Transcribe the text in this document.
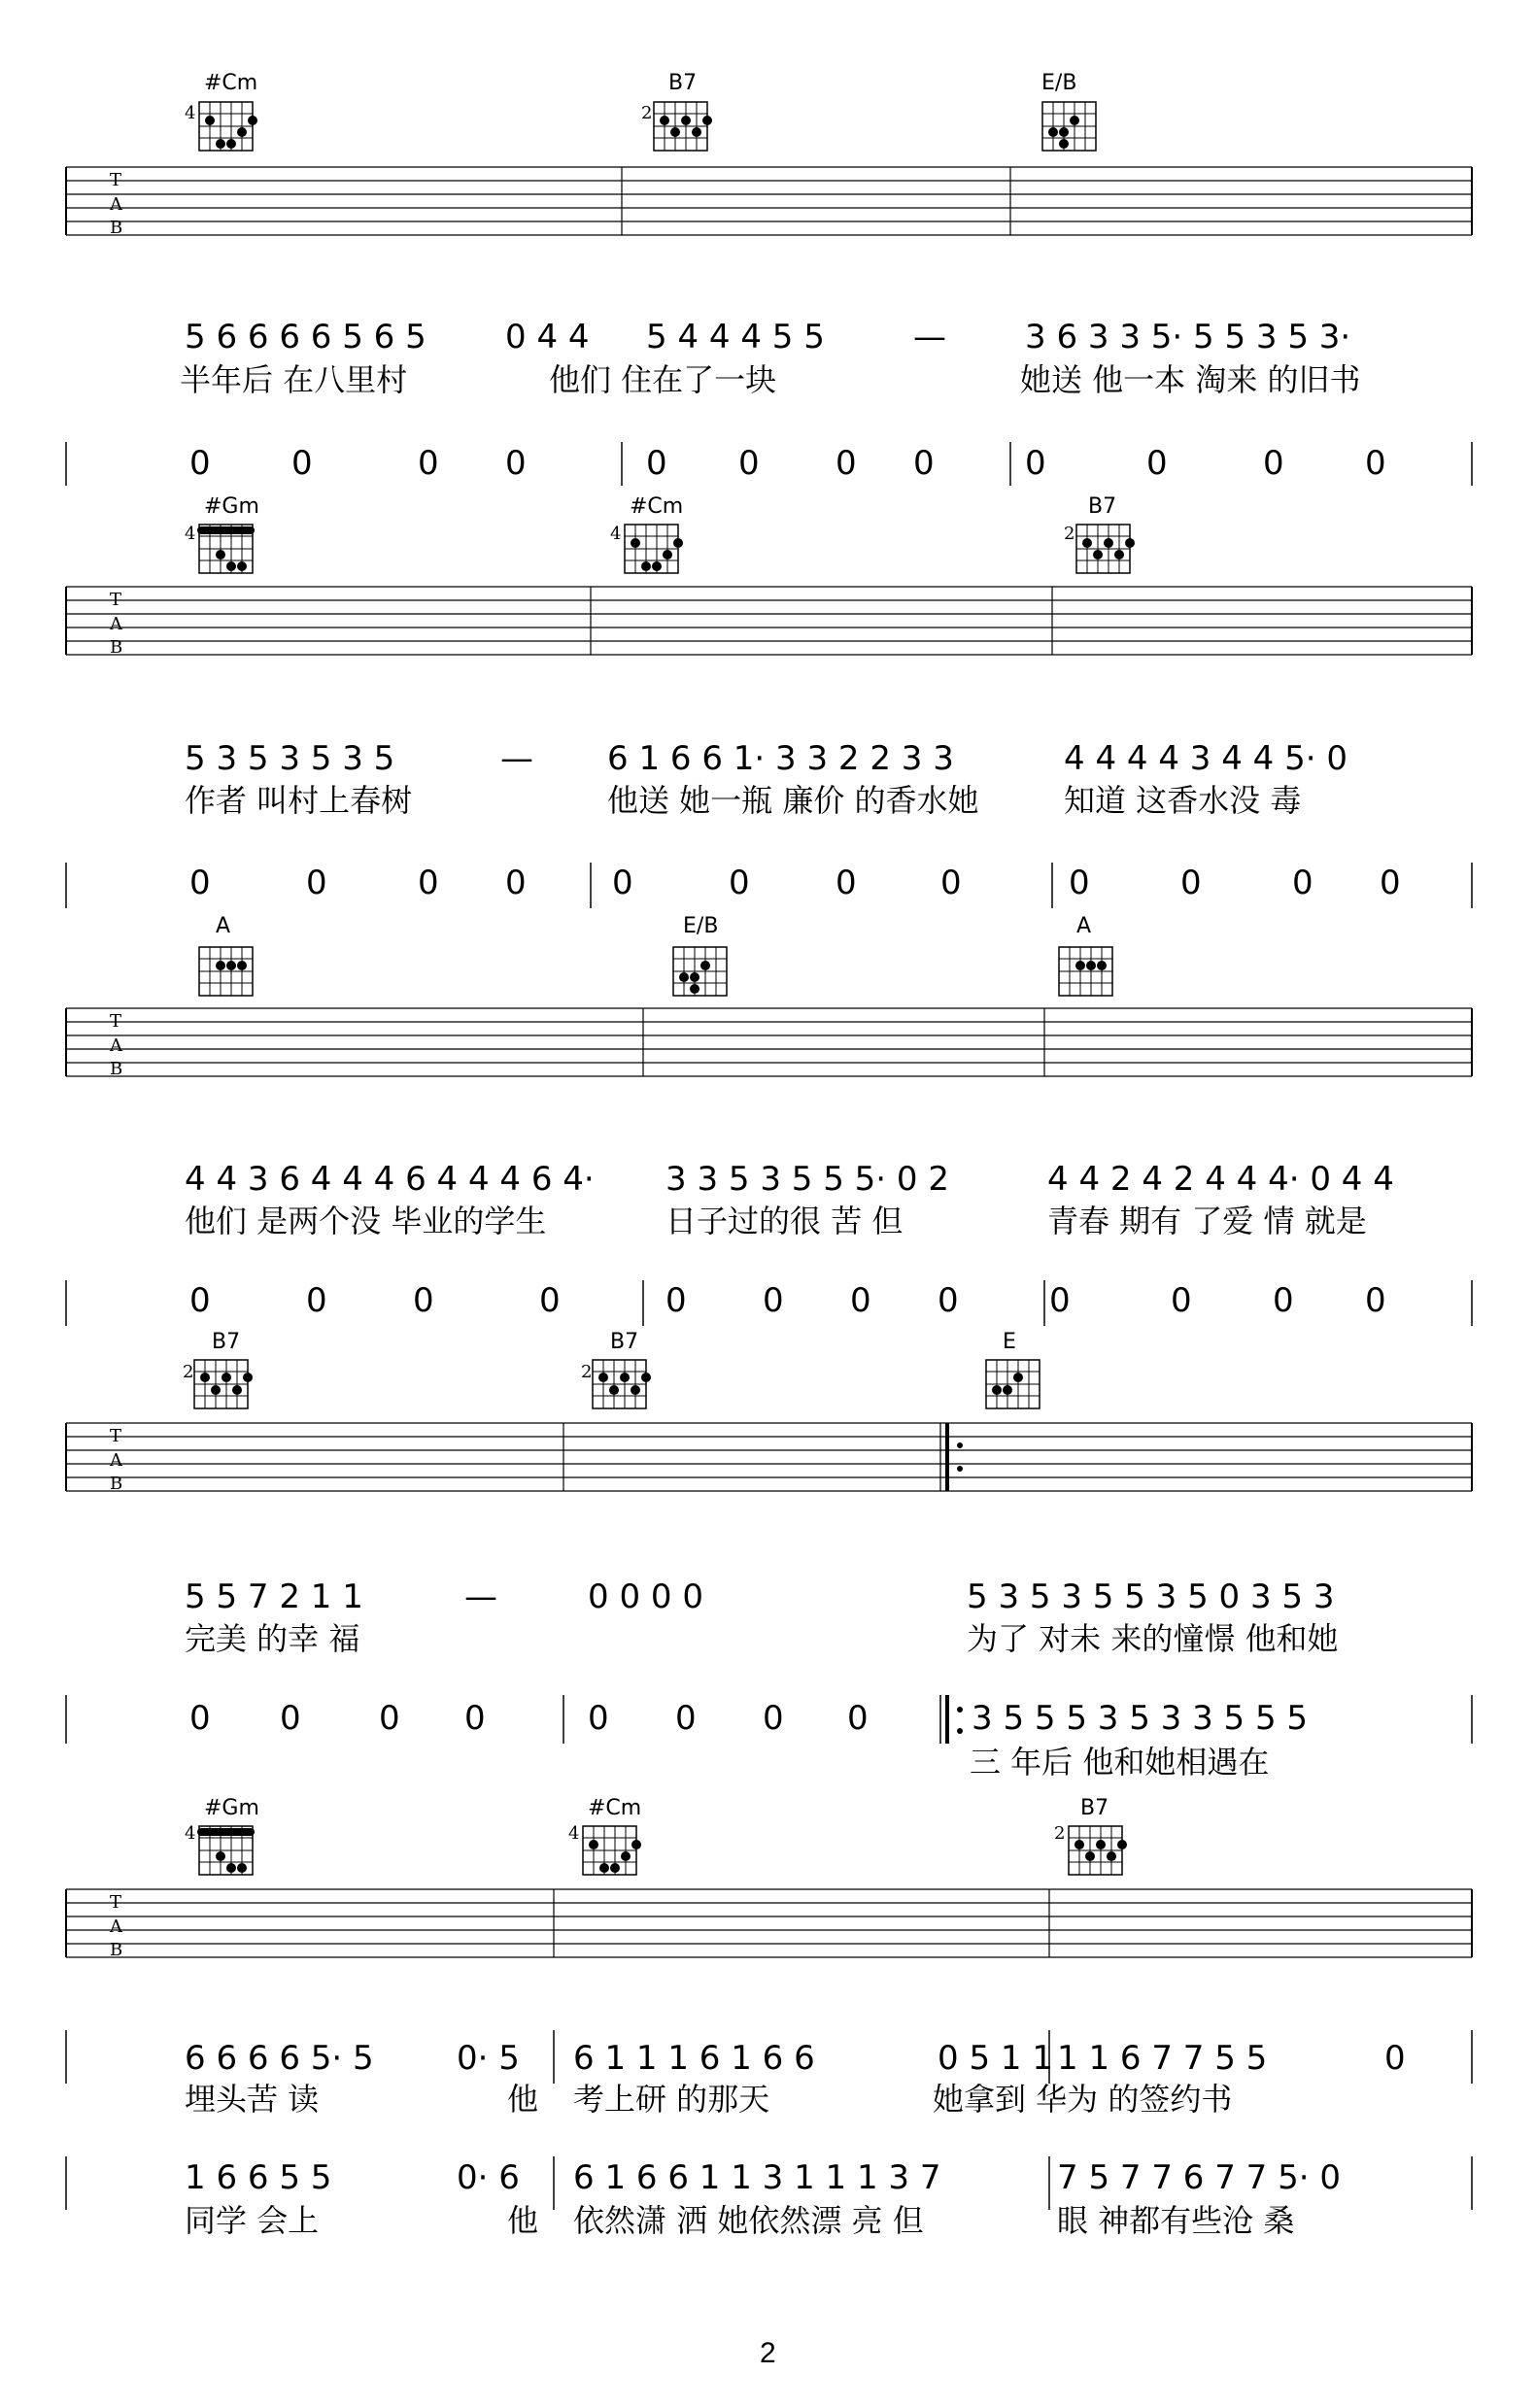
#Cm
4
B7
2
E/B
T
A
B
5 6 6 6 6 5 6 5 0 4 4 5 4 4 4 5 5	— 3 6 3 3 5· 5 5 3 5 3·
半年后 在八里村	他们 住在了一块	她送 他一本 淘来 的旧书
0 0	0 0	0 0 0 0	0	0	0 0
#Gm
4
#Cm
4
B7
2
T
A
B
5 3 5 3 5 3 5	— 6 1 6 6 1· 3 3 2 2 3 3	4 4 4 4 3 4 4 5· 0
作者 叫村上春树	他送 她一瓶 廉价 的香水她	知道 这香水没 毒
0	0	0 0	0	0	0	0	0	0	0 0
A	E/B	A
T
A
B
4 4 3 6 4 4 4 6 4 4 4 6 4· 3 3 5 3 5 5 5· 0 2	4 4 2 4 2 4 4 4· 0 4 4
他们 是两个没 毕业的学生	日子过的很 苦 但	青春 期有 了爱 情 就是
0	0	0	0	0 0 0 0	0	0 0 0
B7
2
B7
2
E
T
A
B
5 5 7 2 1 1	—	0 0 0 0	5 3 5 3 5 5 3 5 0 3 5 3
完美 的幸 福	为了 对未 来的憧憬 他和她
0 0 0 0	0 0 0 0	3 5 5 5 3 5 3 3 5 5 5
三 年后 他和她相遇在
#Gm
4
#Cm
4
B7
2
T
A
B
6 6 6 6 5· 5	0· 5 6 1 1 1 6 1 6 6	0 5 1 1 1 1 6 7 7 5 5	0
埋头苦 读	他 考上研 的那天	她拿到 华为 的签约书
1 6 6 5 5	0· 6 6 1 6 6 1 1 3 1 1 1 3 7	7 5 7 7 6 7 7 5· 0
同学 会上	他 依然潇 洒 她依然漂 亮 但	眼 神都有些沧 桑
2
